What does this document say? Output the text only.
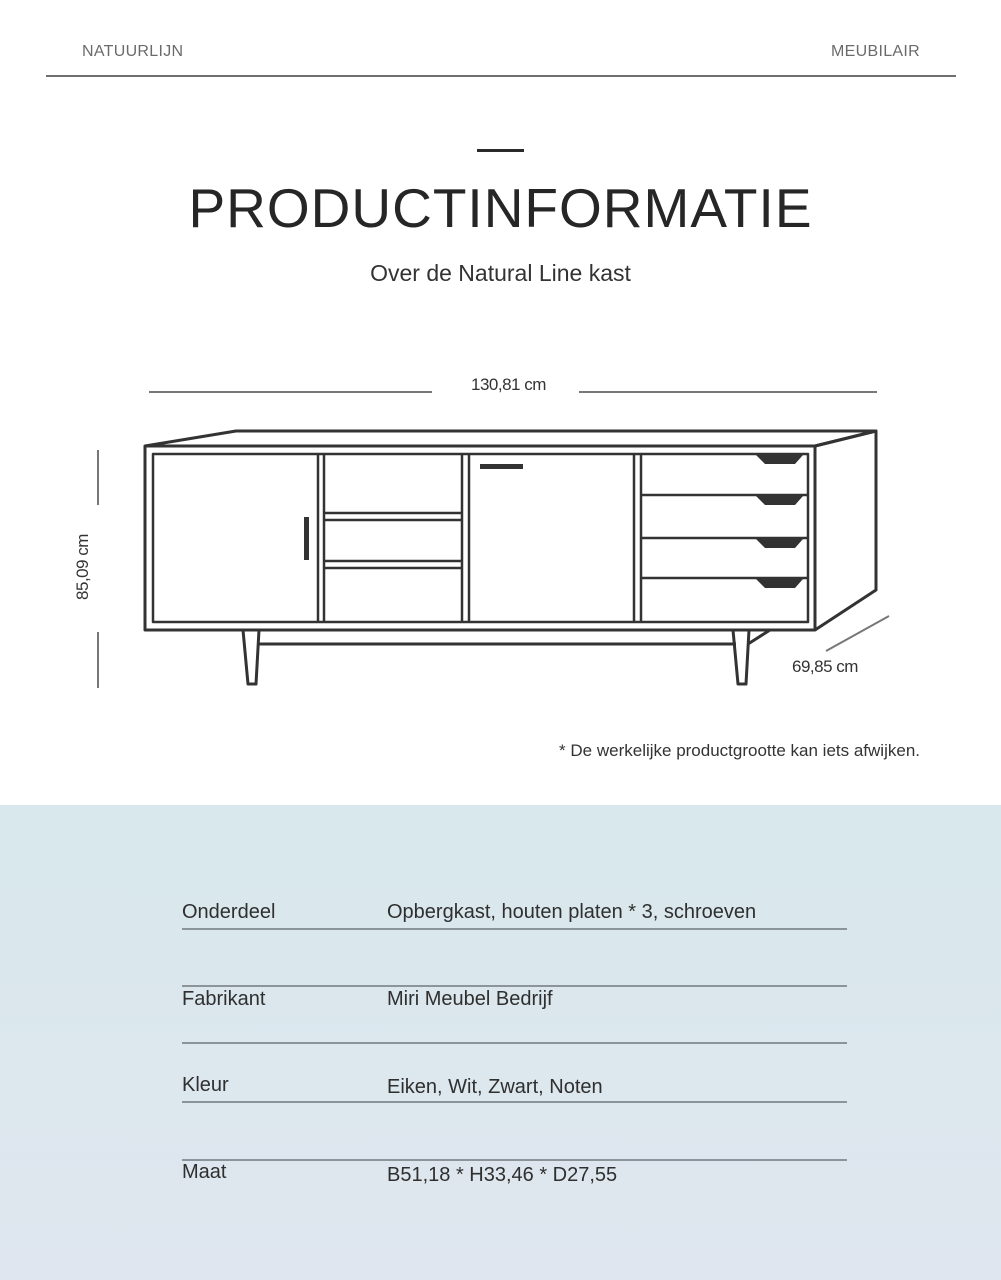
NATUURLIJN	MEUBILAIR
PRODUCTINFORMATIE
Over de Natural Line kast
130,81 cm
85,09 cm
69,85 cm
* De werkelijke productgrootte kan iets afwijken.
Onderdeel	Opbergkast, houten platen * 3, schroeven
Fabrikant	Miri Meubel Bedrijf
Kleur	Eiken, Wit, Zwart, Noten
Maat	B51,18 * H33,46 * D27,55
